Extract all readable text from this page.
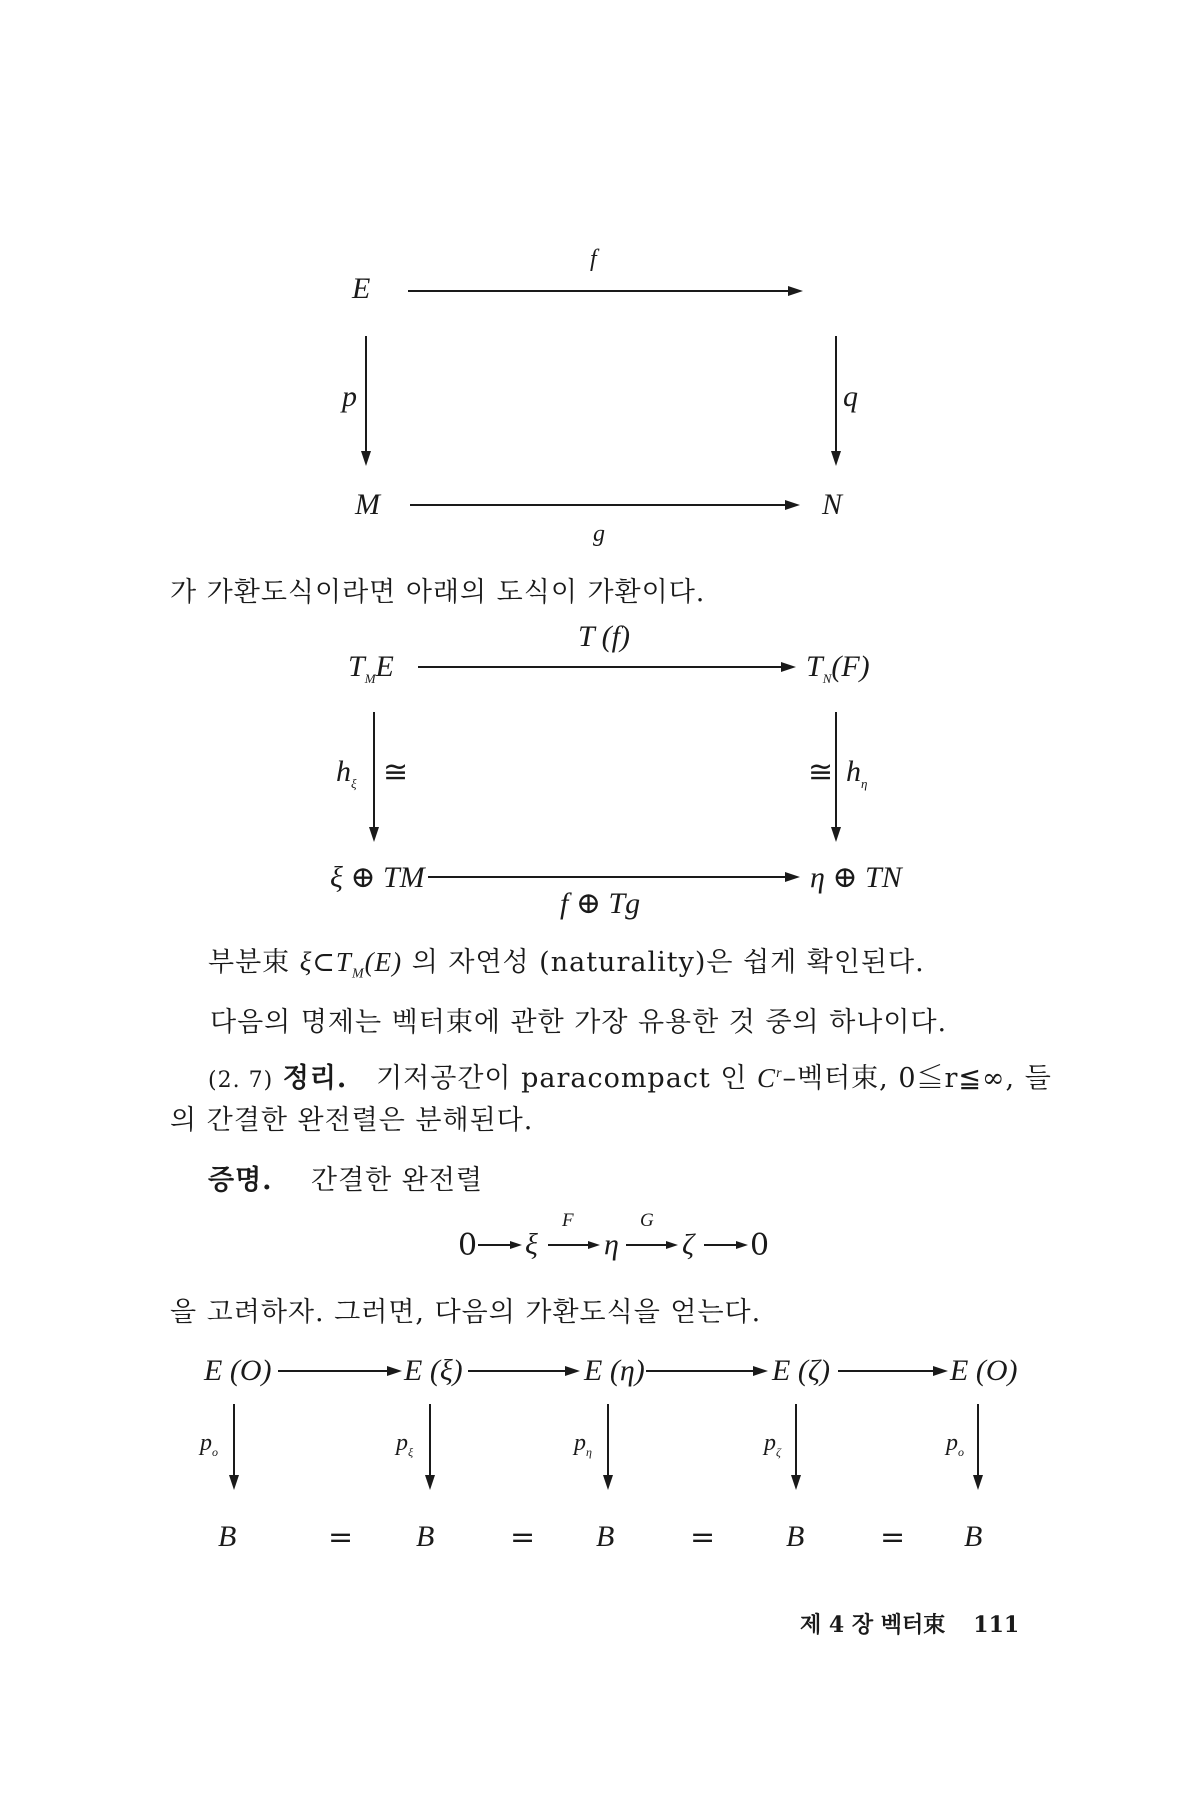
E
f
p	q
M	N
g
가 가환도식이라면 아래의 도식이 가환이다.
T (f)
$T_ME$	$T_N(F)$
$h_\xi$ ≅	≅ $h_\eta$
ξ ⊕ TM	η ⊕ TN
f ⊕ Tg
부분束 $\xi\subset T_M(E)$ 의 자연성 (naturality)은 쉽게 확인된다.
다음의 명제는 벡터束에 관한 가장 유용한 것 중의 하나이다.
(2. 7) 정리. 기저공간이 paracompact 인 $C^r-$벡터束, 0≦r≦∞, 들
의 간결한 완전렬은 분해된다.
증명. 간결한 완전렬
0 ξ
F
η
G
ζ 0
을 고려하자. 그러면, 다음의 가환도식을 얻는다.
E (O)	E (ξ)	E (η)	E (ζ)	E (O)
$p_o$	$p_\xi$	$p_\eta$	$p_\zeta$	$p_o$
B	= B	= B	= B	= B
제 4 장 벡터束 111
